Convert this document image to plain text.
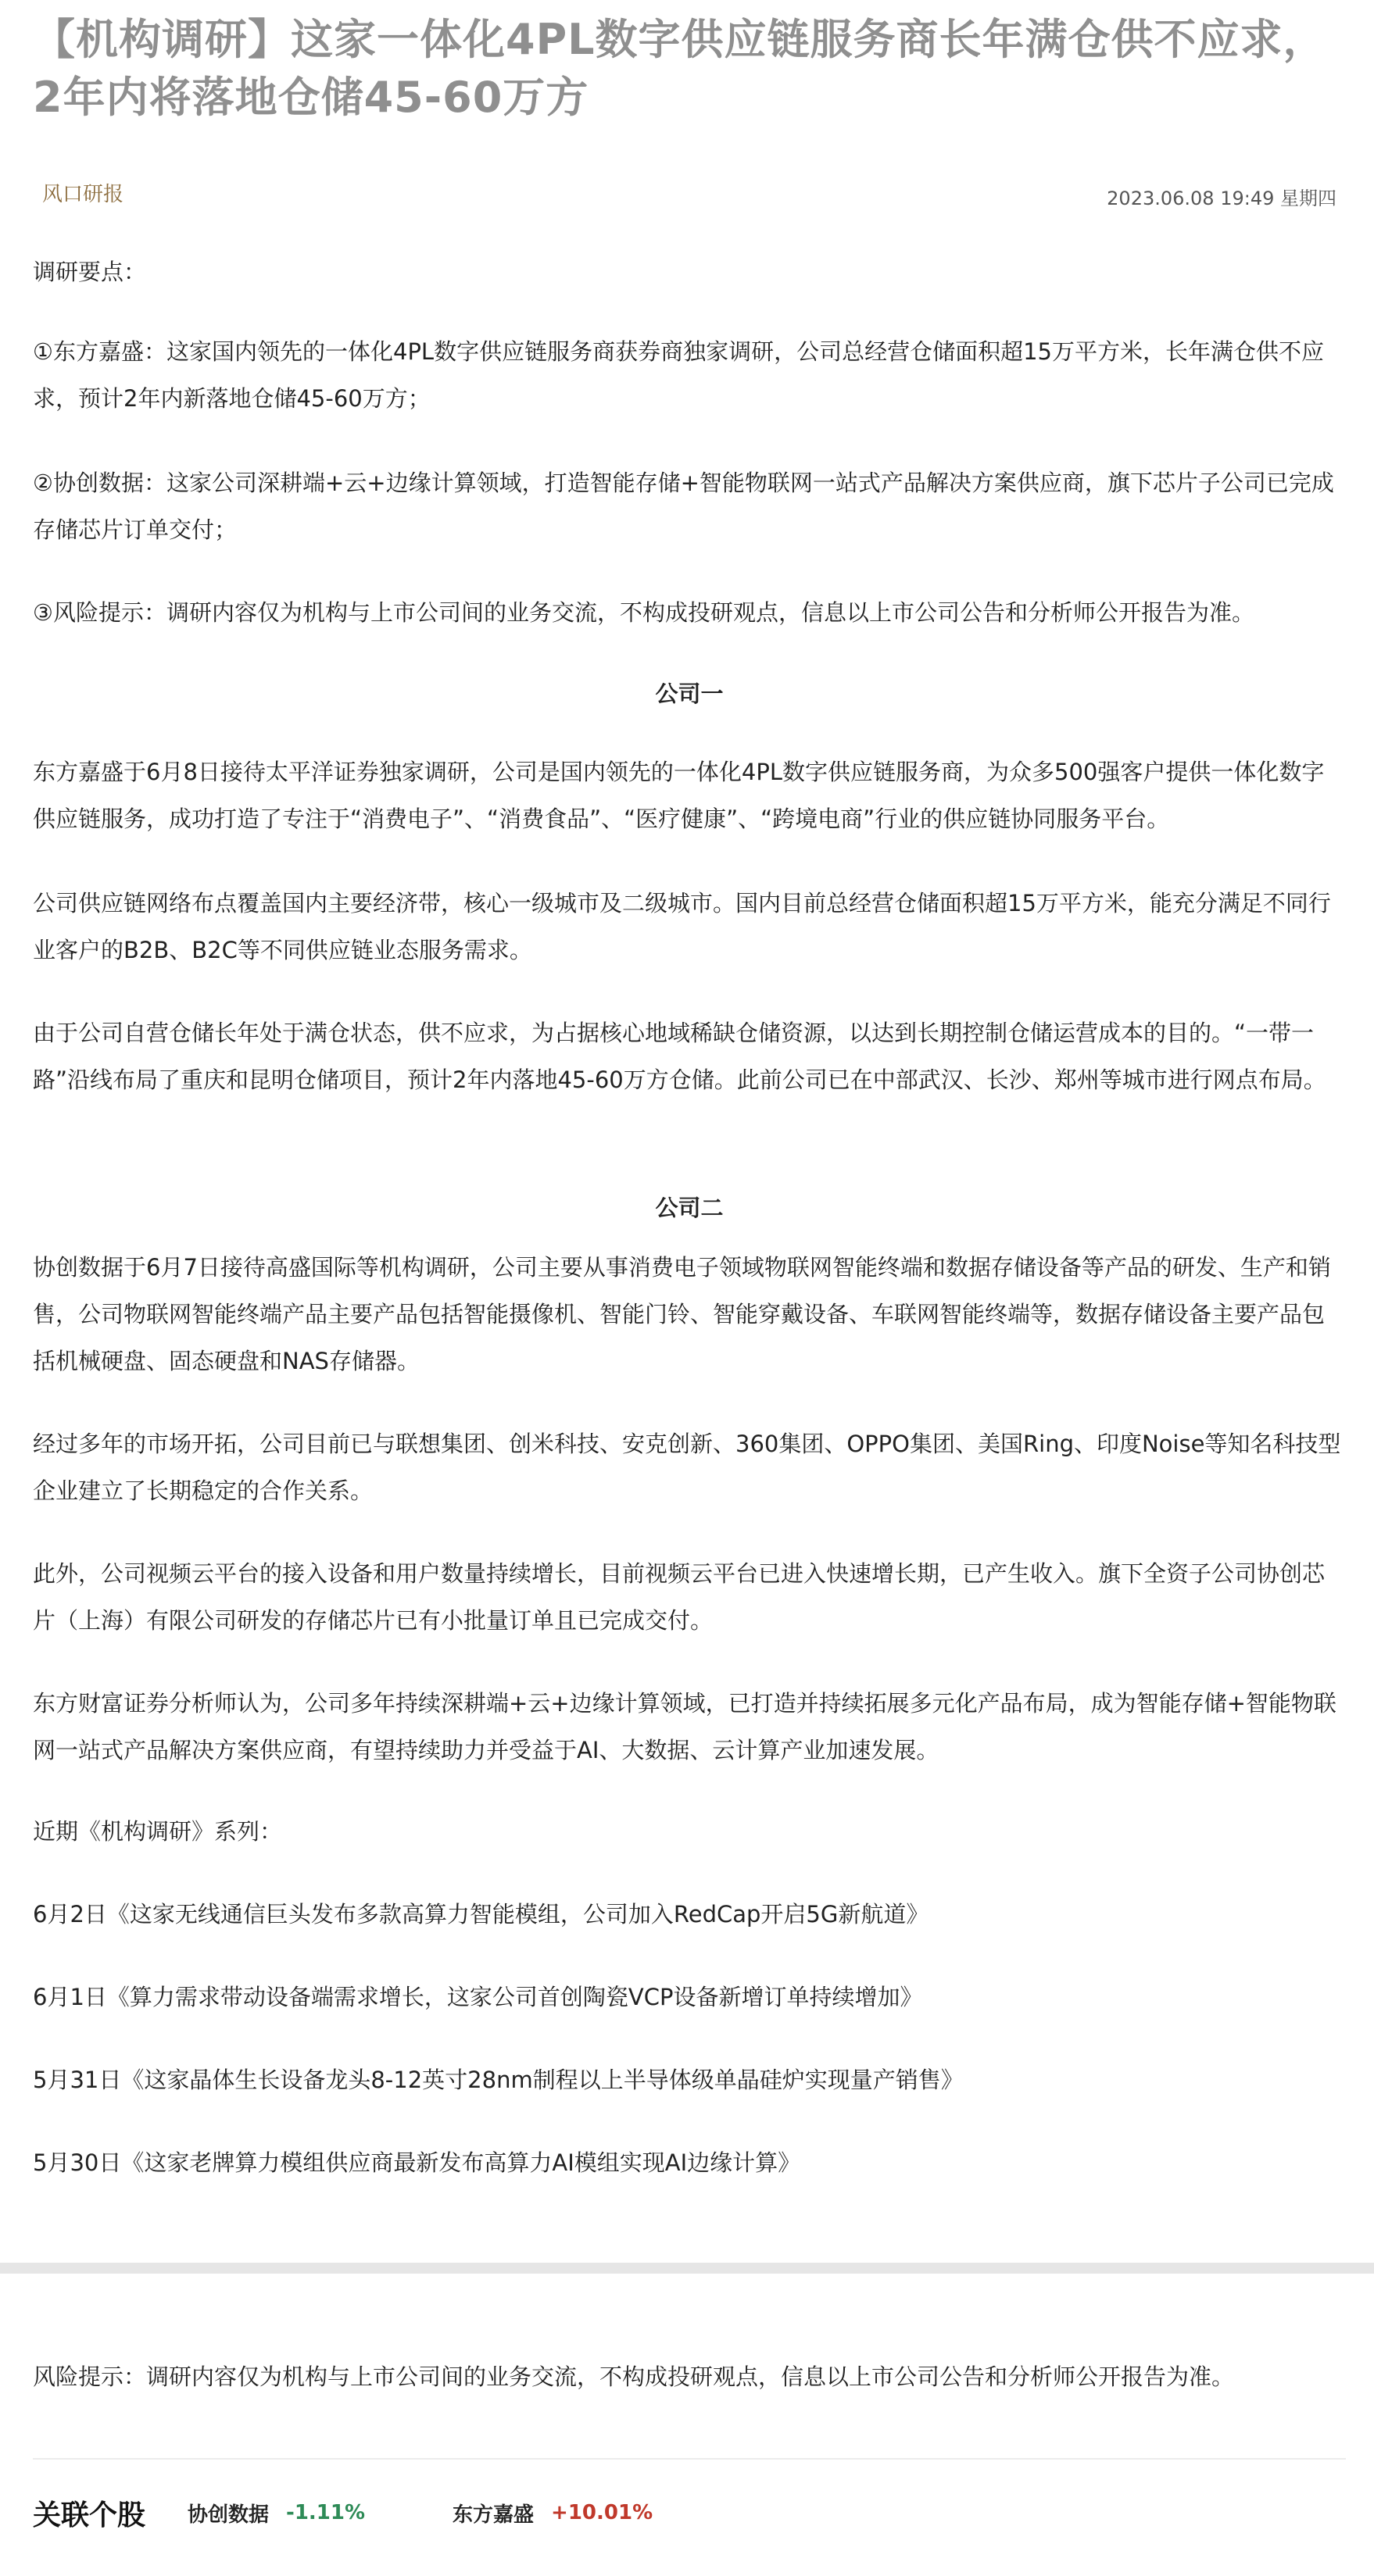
【机构调研】这家一体化4PL数字供应链服务商长年满仓供不应求，2年内将落地仓储45-60万方
风口研报	2023.06.08 19:49 星期四

调研要点：

①东方嘉盛：这家国内领先的一体化4PL数字供应链服务商获券商独家调研，公司总经营仓储面积超15万平方米，长年满仓供不应求，预计2年内新落地仓储45-60万方；

②协创数据：这家公司深耕端+云+边缘计算领域，打造智能存储+智能物联网一站式产品解决方案供应商，旗下芯片子公司已完成存储芯片订单交付；

③风险提示：调研内容仅为机构与上市公司间的业务交流，不构成投研观点，信息以上市公司公告和分析师公开报告为准。

公司一

东方嘉盛于6月8日接待太平洋证券独家调研，公司是国内领先的一体化4PL数字供应链服务商，为众多500强客户提供一体化数字供应链服务，成功打造了专注于“消费电子”、“消费食品”、“医疗健康”、“跨境电商”行业的供应链协同服务平台。

公司供应链网络布点覆盖国内主要经济带，核心一级城市及二级城市。国内目前总经营仓储面积超15万平方米，能充分满足不同行业客户的B2B、B2C等不同供应链业态服务需求。

由于公司自营仓储长年处于满仓状态，供不应求，为占据核心地域稀缺仓储资源，以达到长期控制仓储运营成本的目的。“一带一路”沿线布局了重庆和昆明仓储项目，预计2年内落地45-60万方仓储。此前公司已在中部武汉、长沙、郑州等城市进行网点布局。

公司二

协创数据于6月7日接待高盛国际等机构调研，公司主要从事消费电子领域物联网智能终端和数据存储设备等产品的研发、生产和销售，公司物联网智能终端产品主要产品包括智能摄像机、智能门铃、智能穿戴设备、车联网智能终端等，数据存储设备主要产品包括机械硬盘、固态硬盘和NAS存储器。

经过多年的市场开拓，公司目前已与联想集团、创米科技、安克创新、360集团、OPPO集团、美国Ring、印度Noise等知名科技型企业建立了长期稳定的合作关系。

此外，公司视频云平台的接入设备和用户数量持续增长，目前视频云平台已进入快速增长期，已产生收入。旗下全资子公司协创芯片（上海）有限公司研发的存储芯片已有小批量订单且已完成交付。

东方财富证券分析师认为，公司多年持续深耕端+云+边缘计算领域，已打造并持续拓展多元化产品布局，成为智能存储+智能物联网一站式产品解决方案供应商，有望持续助力并受益于AI、大数据、云计算产业加速发展。

近期《机构调研》系列：

6月2日《这家无线通信巨头发布多款高算力智能模组，公司加入RedCap开启5G新航道》

6月1日《算力需求带动设备端需求增长，这家公司首创陶瓷VCP设备新增订单持续增加》

5月31日《这家晶体生长设备龙头8-12英寸28nm制程以上半导体级单晶硅炉实现量产销售》

5月30日《这家老牌算力模组供应商最新发布高算力AI模组实现AI边缘计算》

风险提示：调研内容仅为机构与上市公司间的业务交流，不构成投研观点，信息以上市公司公告和分析师公开报告为准。

关联个股 协创数据 -1.11%	东方嘉盛 +10.01%
